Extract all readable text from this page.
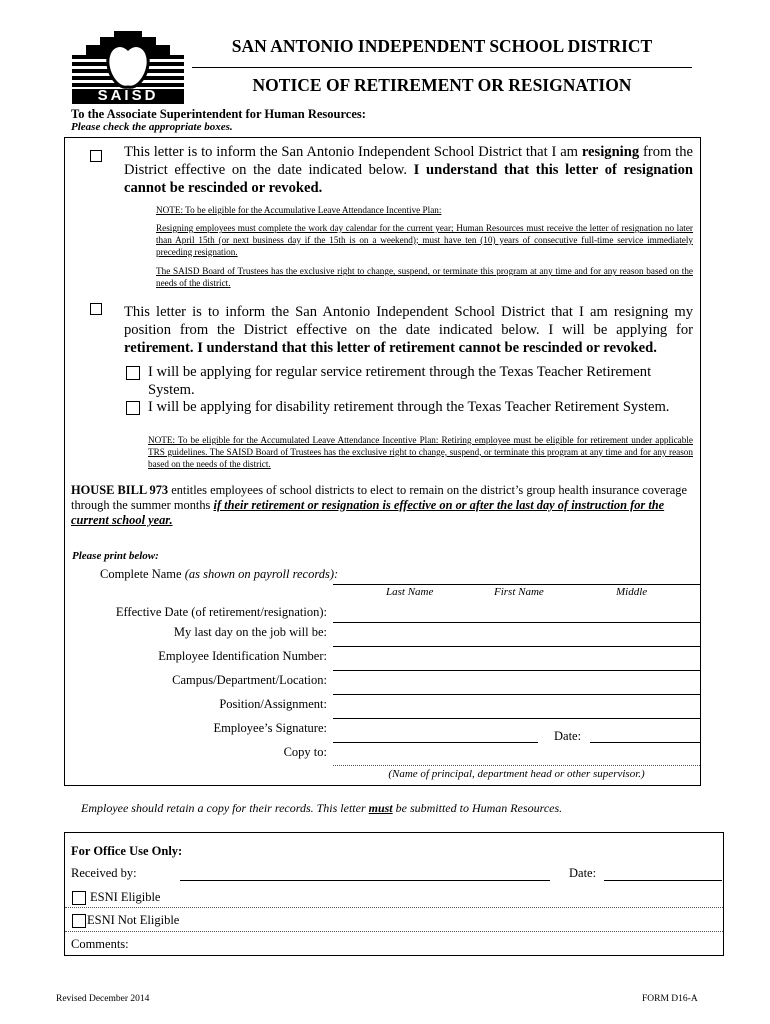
SAISD
SAN ANTONIO INDEPENDENT SCHOOL DISTRICT
NOTICE OF RETIREMENT OR RESIGNATION
To the Associate Superintendent for Human Resources:
Please check the appropriate boxes.
This letter is to inform the San Antonio Independent School District that I am resigning from the District effective on the date indicated below. I understand that this letter of resignation cannot be rescinded or revoked.
NOTE: To be eligible for the Accumulative Leave Attendance Incentive Plan:
Resigning employees must complete the work day calendar for the current year; Human Resources must receive the letter of resignation no later than April 15th (or next business day if the 15th is on a weekend); must have ten (10) years of consecutive full-time service immediately preceding resignation.
The SAISD Board of Trustees has the exclusive right to change, suspend, or terminate this program at any time and for any reason based on the needs of the district.
This letter is to inform the San Antonio Independent School District that I am resigning my position from the District effective on the date indicated below. I will be applying for retirement. I understand that this letter of retirement cannot be rescinded or revoked.
I will be applying for regular service retirement through the Texas Teacher Retirement System.
I will be applying for disability retirement through the Texas Teacher Retirement System.
NOTE: To be eligible for the Accumulated Leave Attendance Incentive Plan: Retiring employee must be eligible for retirement under applicable TRS guidelines. The SAISD Board of Trustees has the exclusive right to change, suspend, or terminate this program at any time and for any reason based on the needs of the district.
HOUSE BILL 973 entitles employees of school districts to elect to remain on the district’s group health insurance coverage through the summer months if their retirement or resignation is effective on or after the last day of instruction for the current school year.
Please print below:
Complete Name (as shown on payroll records):
Last Name	First Name	Middle
Effective Date (of retirement/resignation):
My last day on the job will be:
Employee Identification Number:
Campus/Department/Location:
Position/Assignment:
Employee’s Signature:
Date:
Copy to:
(Name of principal, department head or other supervisor.)
Employee should retain a copy for their records. This letter must be submitted to Human Resources.
For Office Use Only:
Received by:	Date:
ESNI Eligible
ESNI Not Eligible
Comments:
Revised December 2014	FORM D16-A
